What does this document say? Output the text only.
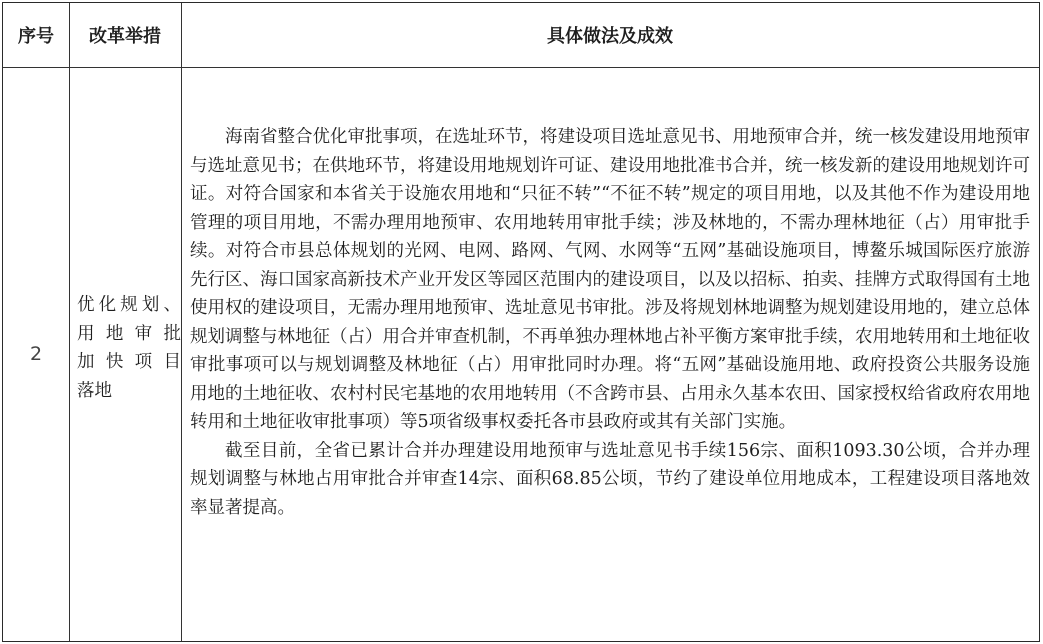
序号	改革举措	具体做法及成效
2
优化规划、
用地审批
加快项目
落地

海南省整合优化审批事项，在选址环节，将建设项目选址意见书、用地预审合并，统一核发建设用地预审与选址意见书；在供地环节，将建设用地规划许可证、建设用地批准书合并，统一核发新的建设用地规划许可证。对符合国家和本省关于设施农用地和“只征不转”“不征不转”规定的项目用地，以及其他不作为建设用地管理的项目用地，不需办理用地预审、农用地转用审批手续；涉及林地的，不需办理林地征（占）用审批手续。对符合市县总体规划的光网、电网、路网、气网、水网等“五网”基础设施项目，博鳌乐城国际医疗旅游先行区、海口国家高新技术产业开发区等园区范围内的建设项目，以及以招标、拍卖、挂牌方式取得国有土地使用权的建设项目，无需办理用地预审、选址意见书审批。涉及将规划林地调整为规划建设用地的，建立总体规划调整与林地征（占）用合并审查机制，不再单独办理林地占补平衡方案审批手续，农用地转用和土地征收审批事项可以与规划调整及林地征（占）用审批同时办理。将“五网”基础设施用地、政府投资公共服务设施用地的土地征收、农村村民宅基地的农用地转用（不含跨市县、占用永久基本农田、国家授权给省政府农用地转用和土地征收审批事项）等5项省级事权委托各市县政府或其有关部门实施。

截至目前，全省已累计合并办理建设用地预审与选址意见书手续156宗、面积1093.30公顷，合并办理规划调整与林地占用审批合并审查14宗、面积68.85公顷，节约了建设单位用地成本，工程建设项目落地效率显著提高。
